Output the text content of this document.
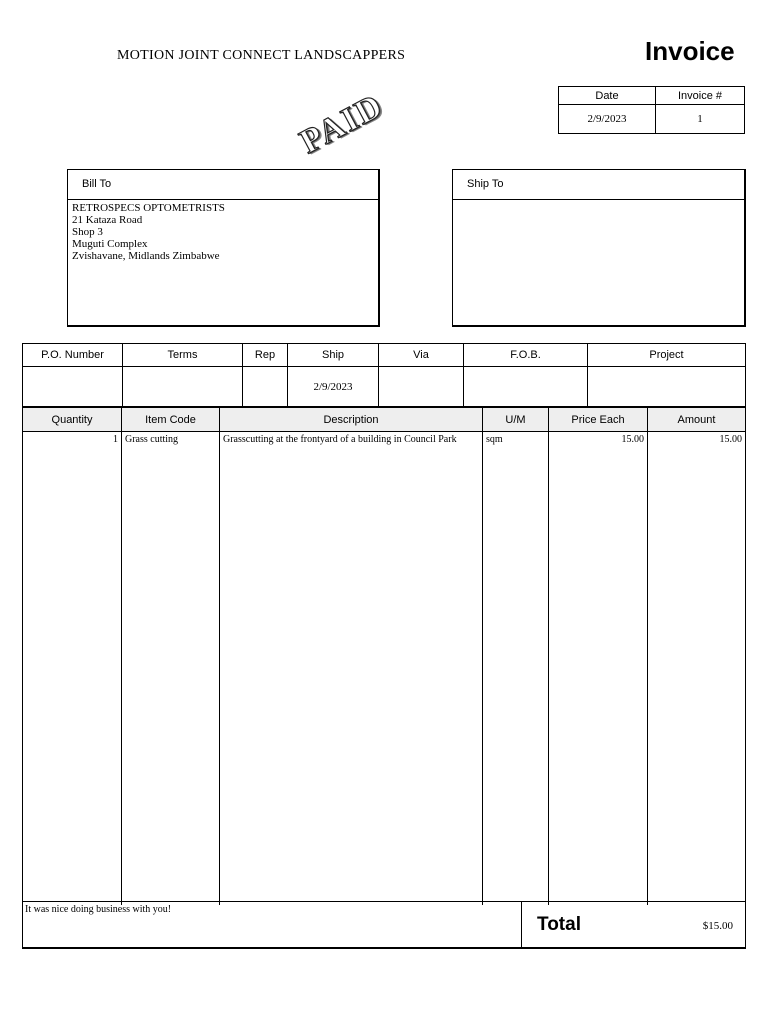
MOTION JOINT CONNECT LANDSCAPPERS	Invoice
Date	Invoice #
2/9/2023	1
Bill To
RETROSPECS OPTOMETRISTS
21 Kataza Road
Shop 3
Muguti Complex
Zvishavane, Midlands Zimbabwe
PAID
Ship To
P.O. Number	Terms	Rep	Ship	Via	F.O.B.	Project
			2/9/2023			
Quantity	Item Code	Description	U/M	Price Each	Amount
1	Grass cutting	Grasscutting at the frontyard of a building in Council Park	sqm	15.00	15.00
It was nice doing business with you!
Total	$15.00
